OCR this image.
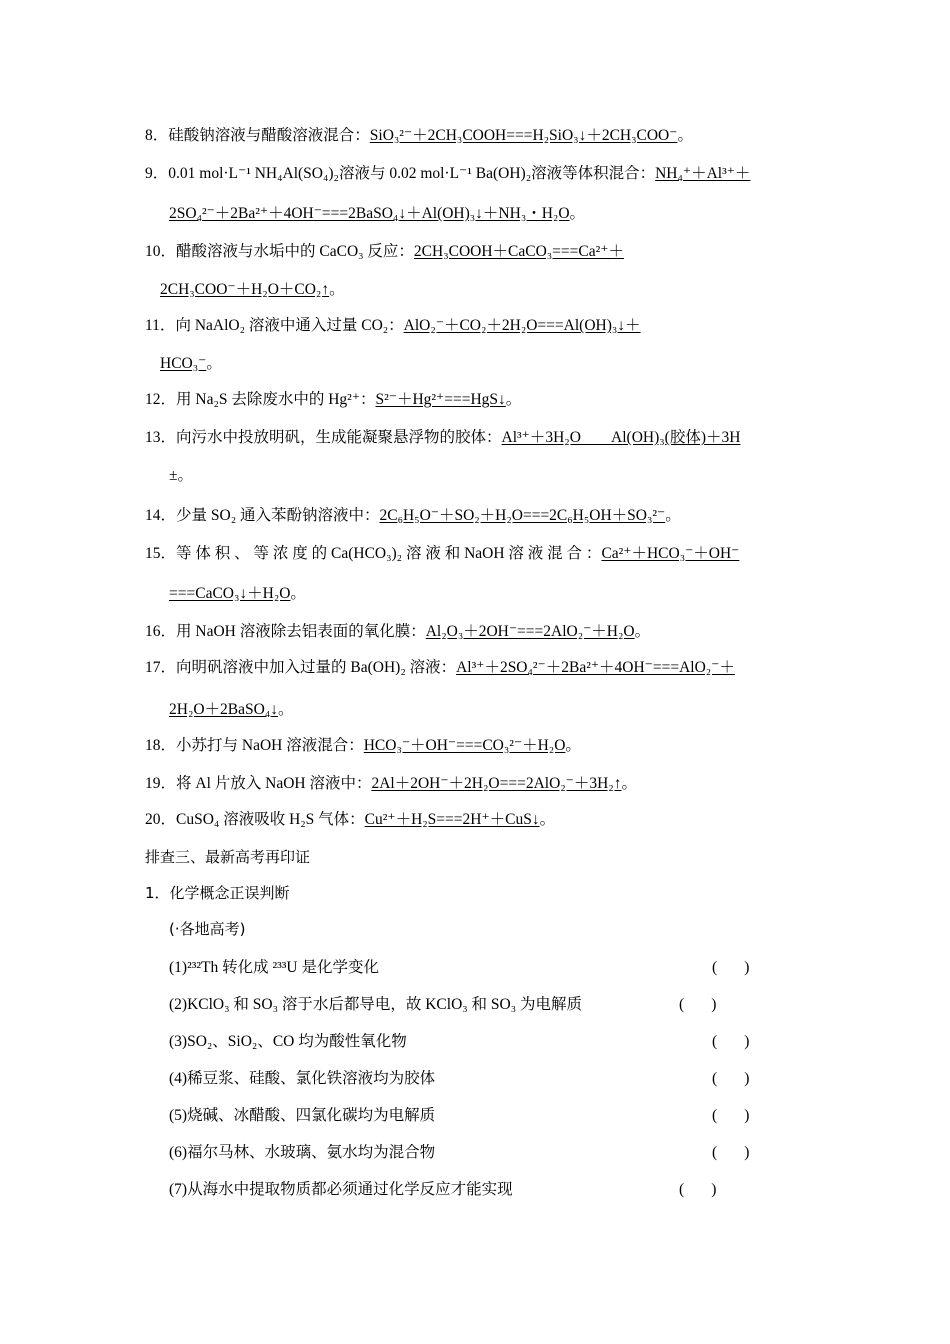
8．硅酸钠溶液与醋酸溶液混合：SiO₃²⁻＋2CH₃COOH===H₂SiO₃↓＋2CH₃COO⁻。
9．0.01 mol·L⁻¹ NH₄Al(SO₄)₂溶液与 0.02 mol·L⁻¹ Ba(OH)₂溶液等体积混合：NH₄⁺＋Al³⁺＋
2SO₄²⁻＋2Ba²⁺＋4OH⁻===2BaSO₄↓＋Al(OH)₃↓＋NH₃・H₂O。
10．醋酸溶液与水垢中的 CaCO₃ 反应：2CH₃COOH＋CaCO₃===Ca²⁺＋
2CH₃COO⁻＋H₂O＋CO₂↑。
11．向 NaAlO₂ 溶液中通入过量 CO₂：AlO₂⁻＋CO₂＋2H₂O===Al(OH)₃↓＋
HCO₃⁻。
12．用 Na₂S 去除废水中的 Hg²⁺：S²⁻＋Hg²⁺===HgS↓。
13．向污水中投放明矾，生成能凝聚悬浮物的胶体：Al³⁺＋3H₂O        Al(OH)₃(胶体)＋3H
±。
14．少量 SO₂ 通入苯酚钠溶液中：2C₆H₅O⁻＋SO₂＋H₂O===2C₆H₅OH＋SO₃²⁻。
15．等 体 积 、 等 浓 度 的 Ca(HCO₃)₂ 溶 液 和 NaOH 溶 液 混 合 ：Ca²⁺＋HCO₃⁻＋OH⁻
===CaCO₃↓＋H₂O。
16．用 NaOH 溶液除去铝表面的氧化膜：Al₂O₃＋2OH⁻===2AlO₂⁻＋H₂O。
17．向明矾溶液中加入过量的 Ba(OH)₂ 溶液：Al³⁺＋2SO₄²⁻＋2Ba²⁺＋4OH⁻===AlO₂⁻＋
2H₂O＋2BaSO₄↓。
18．小苏打与 NaOH 溶液混合：HCO₃⁻＋OH⁻===CO₃²⁻＋H₂O。
19．将 Al 片放入 NaOH 溶液中：2Al＋2OH⁻＋2H₂O===2AlO₂⁻＋3H₂↑。
20．CuSO₄ 溶液吸收 H₂S 气体：Cu²⁺＋H₂S===2H⁺＋CuS↓。
排查三、最新高考再印证
1．化学概念正误判断
(·各地高考)
(1)²³²Th 转化成 ²³³U 是化学变化	(       )
(2)KClO₃ 和 SO₃ 溶于水后都导电，故 KClO₃ 和 SO₃ 为电解质	(       )
(3)SO₂、SiO₂、CO 均为酸性氧化物	(       )
(4)稀豆浆、硅酸、氯化铁溶液均为胶体	(       )
(5)烧碱、冰醋酸、四氯化碳均为电解质	(       )
(6)福尔马林、水玻璃、氨水均为混合物	(       )
(7)从海水中提取物质都必须通过化学反应才能实现	(       )
